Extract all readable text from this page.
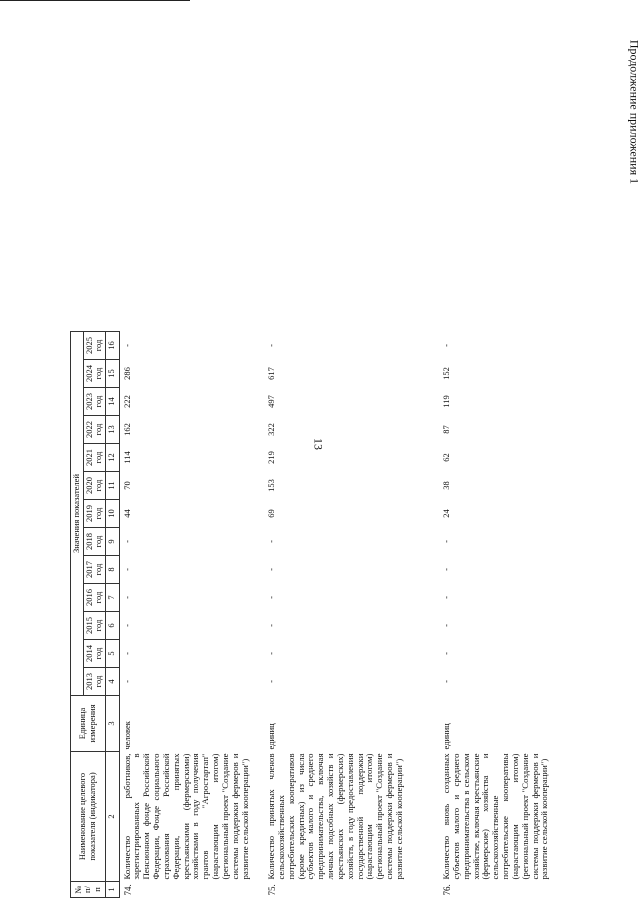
13
Продолжение приложения 1
№ п/п	Наименование целевого показателя (индикатора)	Единица измерения	Значения показателей													
			2013 год	2014 год	2015 год	2016 год	2017 год	2018 год	2019 год	2020 год	2021 год	2022 год	2023 год	2024 год	2025 год	
1	2	3	4	5	6	7	8	9	10	11	12	13	14	15	16	
74.	Количество работников, зарегистрированных в Пенсионном фонде Российской Федерации, Фонде социального страхования Российской Федерации, принятых крестьянскими (фермерскими) хозяйствами в году получения грантов "Агростартап" (нарастающим итогом) (региональный проект "Создание системы поддержки фермеров и развитие сельской кооперации")	человек	-	-	-	-	-	-	44	70	114	162	222	286	-	
75.	Количество принятых членов сельскохозяйственных потребительских кооперативов (кроме кредитных) из числа субъектов малого и среднего предпринимательства, включая личных подсобных хозяйств и крестьянских (фермерских) хозяйств, в году предоставления государственной поддержки (нарастающим итогом) (региональный проект "Создание системы поддержки фермеров и развитие сельской кооперации")	единиц	-	-	-	-	-	-	69	153	219	322	497	617	-	
76.	Количество вновь созданных субъектов малого и среднего предпринимательства в сельском хозяйстве, включая крестьянские (фермерские) хозяйства и сельскохозяйственные потребительские кооперативы (нарастающим итогом) (региональный проект "Создание системы поддержки фермеров и развитие сельской кооперации")	единиц	-	-	-	-	-	-	24	38	62	87	119	152	-	
